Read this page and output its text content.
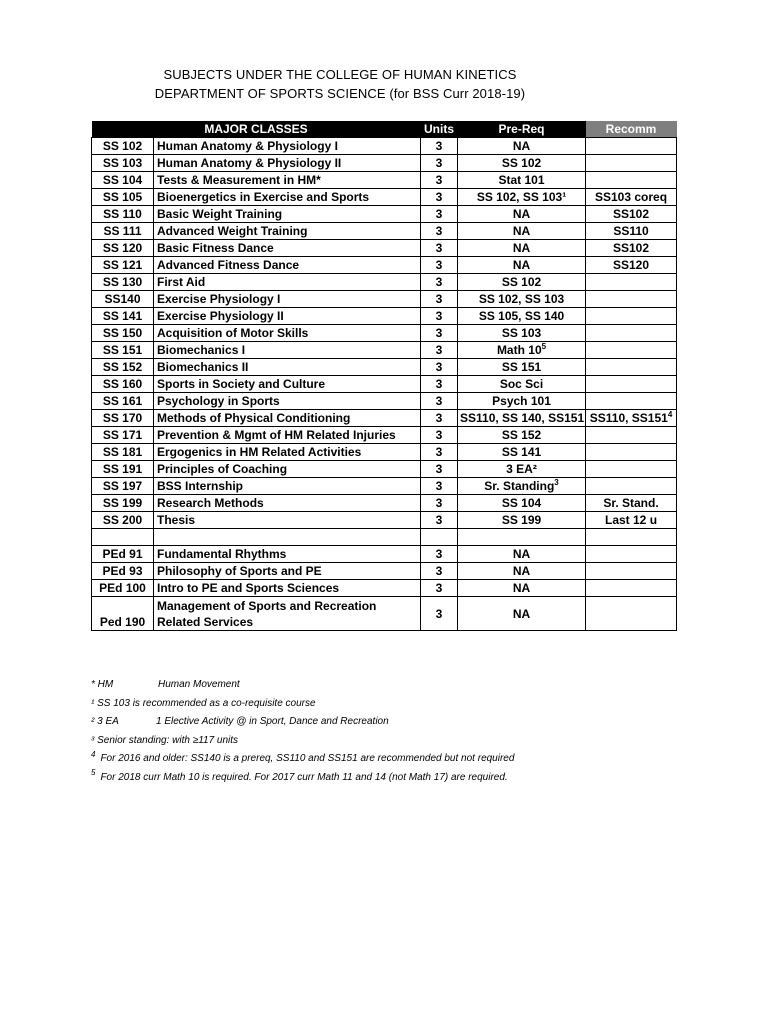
SUBJECTS UNDER THE COLLEGE OF HUMAN KINETICS
DEPARTMENT OF SPORTS SCIENCE (for BSS Curr 2018-19)
MAJOR CLASSES		Units	Pre-Req	Recomm
SS 102	Human Anatomy & Physiology I	3	NA	
SS 103	Human Anatomy & Physiology II	3	SS 102	
SS 104	Tests & Measurement in HM*	3	Stat 101	
SS 105	Bioenergetics in Exercise and Sports	3	SS 102, SS 103¹	SS103 coreq
SS 110	Basic Weight Training	3	NA	SS102
SS 111	Advanced Weight Training	3	NA	SS110
SS 120	Basic Fitness Dance	3	NA	SS102
SS 121	Advanced Fitness Dance	3	NA	SS120
SS 130	First Aid	3	SS 102	
SS140	Exercise Physiology I	3	SS 102, SS 103	
SS 141	Exercise Physiology II	3	SS 105, SS 140	
SS 150	Acquisition of Motor Skills	3	SS 103	
SS 151	Biomechanics I	3	Math $10^5$	
SS 152	Biomechanics II	3	SS 151	
SS 160	Sports in Society and Culture	3	Soc Sci	
SS 161	Psychology in Sports	3	Psych 101	
SS 170	Methods of Physical Conditioning	3	SS110, SS 140, SS151	SS110, $SS151^4$
SS 171	Prevention & Mgmt of HM Related Injuries	3	SS 152	
SS 181	Ergogenics in HM Related Activities	3	SS 141	
SS 191	Principles of Coaching	3	3 EA²	
SS 197	BSS Internship	3	Sr. Standing$^3$	
SS 199	Research Methods	3	SS 104	Sr. Stand.
SS 200	Thesis	3	SS 199	Last 12 u

PEd 91	Fundamental Rhythms	3	NA	
PEd 93	Philosophy of Sports and PE	3	NA	
PEd 100	Intro to PE and Sports Sciences	3	NA	
Ped 190	Management of Sports and Recreation Related Services	3	NA	
* HM	Human Movement
¹ SS 103 is recommended as a co-requisite course
² 3 EA	1 Elective Activity @ in Sport, Dance and Recreation
³ Senior standing: with ≥117 units
$^4$ For 2016 and older: SS140 is a prereq, SS110 and SS151 are recommended but not required
$^5$ For 2018 curr Math 10 is required. For 2017 curr Math 11 and 14 (not Math 17) are required.
